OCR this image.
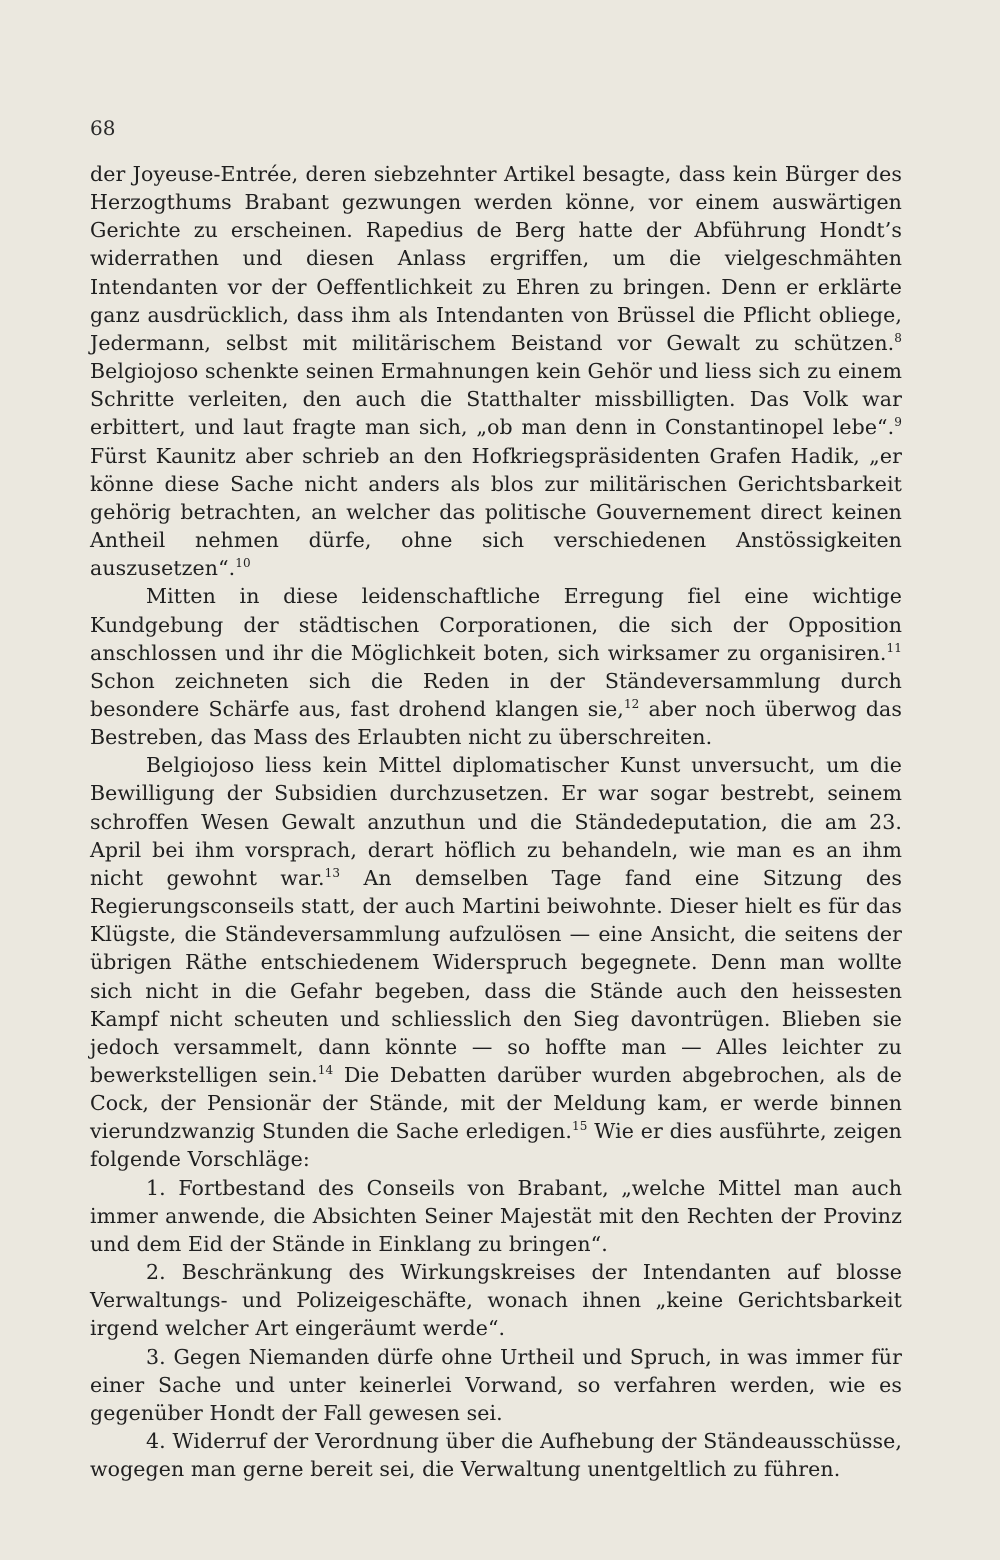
68

der Joyeuse-Entrée, deren siebzehnter Artikel besagte, dass kein Bürger des Herzogthums Brabant gezwungen werden könne, vor einem auswärtigen Gerichte zu erscheinen. Rapedius de Berg hatte der Abführung Hondt’s widerrathen und diesen Anlass ergriffen, um die vielgeschmähten Intendanten vor der Oeffentlichkeit zu Ehren zu bringen. Denn er erklärte ganz ausdrücklich, dass ihm als Intendanten von Brüssel die Pflicht obliege, Jedermann, selbst mit militärischem Beistand vor Gewalt zu schützen.$^8$ Belgiojoso schenkte seinen Ermahnungen kein Gehör und liess sich zu einem Schritte verleiten, den auch die Statthalter missbilligten. Das Volk war erbittert, und laut fragte man sich, „ob man denn in Constantinopel lebe“.$^9$ Fürst Kaunitz aber schrieb an den Hofkriegspräsidenten Grafen Hadik, „er könne diese Sache nicht anders als blos zur militärischen Gerichtsbarkeit gehörig betrachten, an welcher das politische Gouvernement direct keinen Antheil nehmen dürfe, ohne sich verschiedenen Anstössigkeiten auszusetzen“.$^{10}$

Mitten in diese leidenschaftliche Erregung fiel eine wichtige Kundgebung der städtischen Corporationen, die sich der Opposition anschlossen und ihr die Möglichkeit boten, sich wirksamer zu organisiren.$^{11}$ Schon zeichneten sich die Reden in der Ständeversammlung durch besondere Schärfe aus, fast drohend klangen sie,$^{12}$ aber noch überwog das Bestreben, das Mass des Erlaubten nicht zu überschreiten.

Belgiojoso liess kein Mittel diplomatischer Kunst unversucht, um die Bewilligung der Subsidien durchzusetzen. Er war sogar bestrebt, seinem schroffen Wesen Gewalt anzuthun und die Ständedeputation, die am 23. April bei ihm vorsprach, derart höflich zu behandeln, wie man es an ihm nicht gewohnt war.$^{13}$ An demselben Tage fand eine Sitzung des Regierungsconseils statt, der auch Martini beiwohnte. Dieser hielt es für das Klügste, die Ständeversammlung aufzulösen — eine Ansicht, die seitens der übrigen Räthe entschiedenem Widerspruch begegnete. Denn man wollte sich nicht in die Gefahr begeben, dass die Stände auch den heissesten Kampf nicht scheuten und schliesslich den Sieg davontrügen. Blieben sie jedoch versammelt, dann könnte — so hoffte man — Alles leichter zu bewerkstelligen sein.$^{14}$ Die Debatten darüber wurden abgebrochen, als de Cock, der Pensionär der Stände, mit der Meldung kam, er werde binnen vierundzwanzig Stunden die Sache erledigen.$^{15}$ Wie er dies ausführte, zeigen folgende Vorschläge:

1. Fortbestand des Conseils von Brabant, „welche Mittel man auch immer anwende, die Absichten Seiner Majestät mit den Rechten der Provinz und dem Eid der Stände in Einklang zu bringen“.

2. Beschränkung des Wirkungskreises der Intendanten auf blosse Verwaltungs- und Polizeigeschäfte, wonach ihnen „keine Gerichtsbarkeit irgend welcher Art eingeräumt werde“.

3. Gegen Niemanden dürfe ohne Urtheil und Spruch, in was immer für einer Sache und unter keinerlei Vorwand, so verfahren werden, wie es gegenüber Hondt der Fall gewesen sei.

4. Widerruf der Verordnung über die Aufhebung der Ständeausschüsse, wogegen man gerne bereit sei, die Verwaltung unentgeltlich zu führen.
